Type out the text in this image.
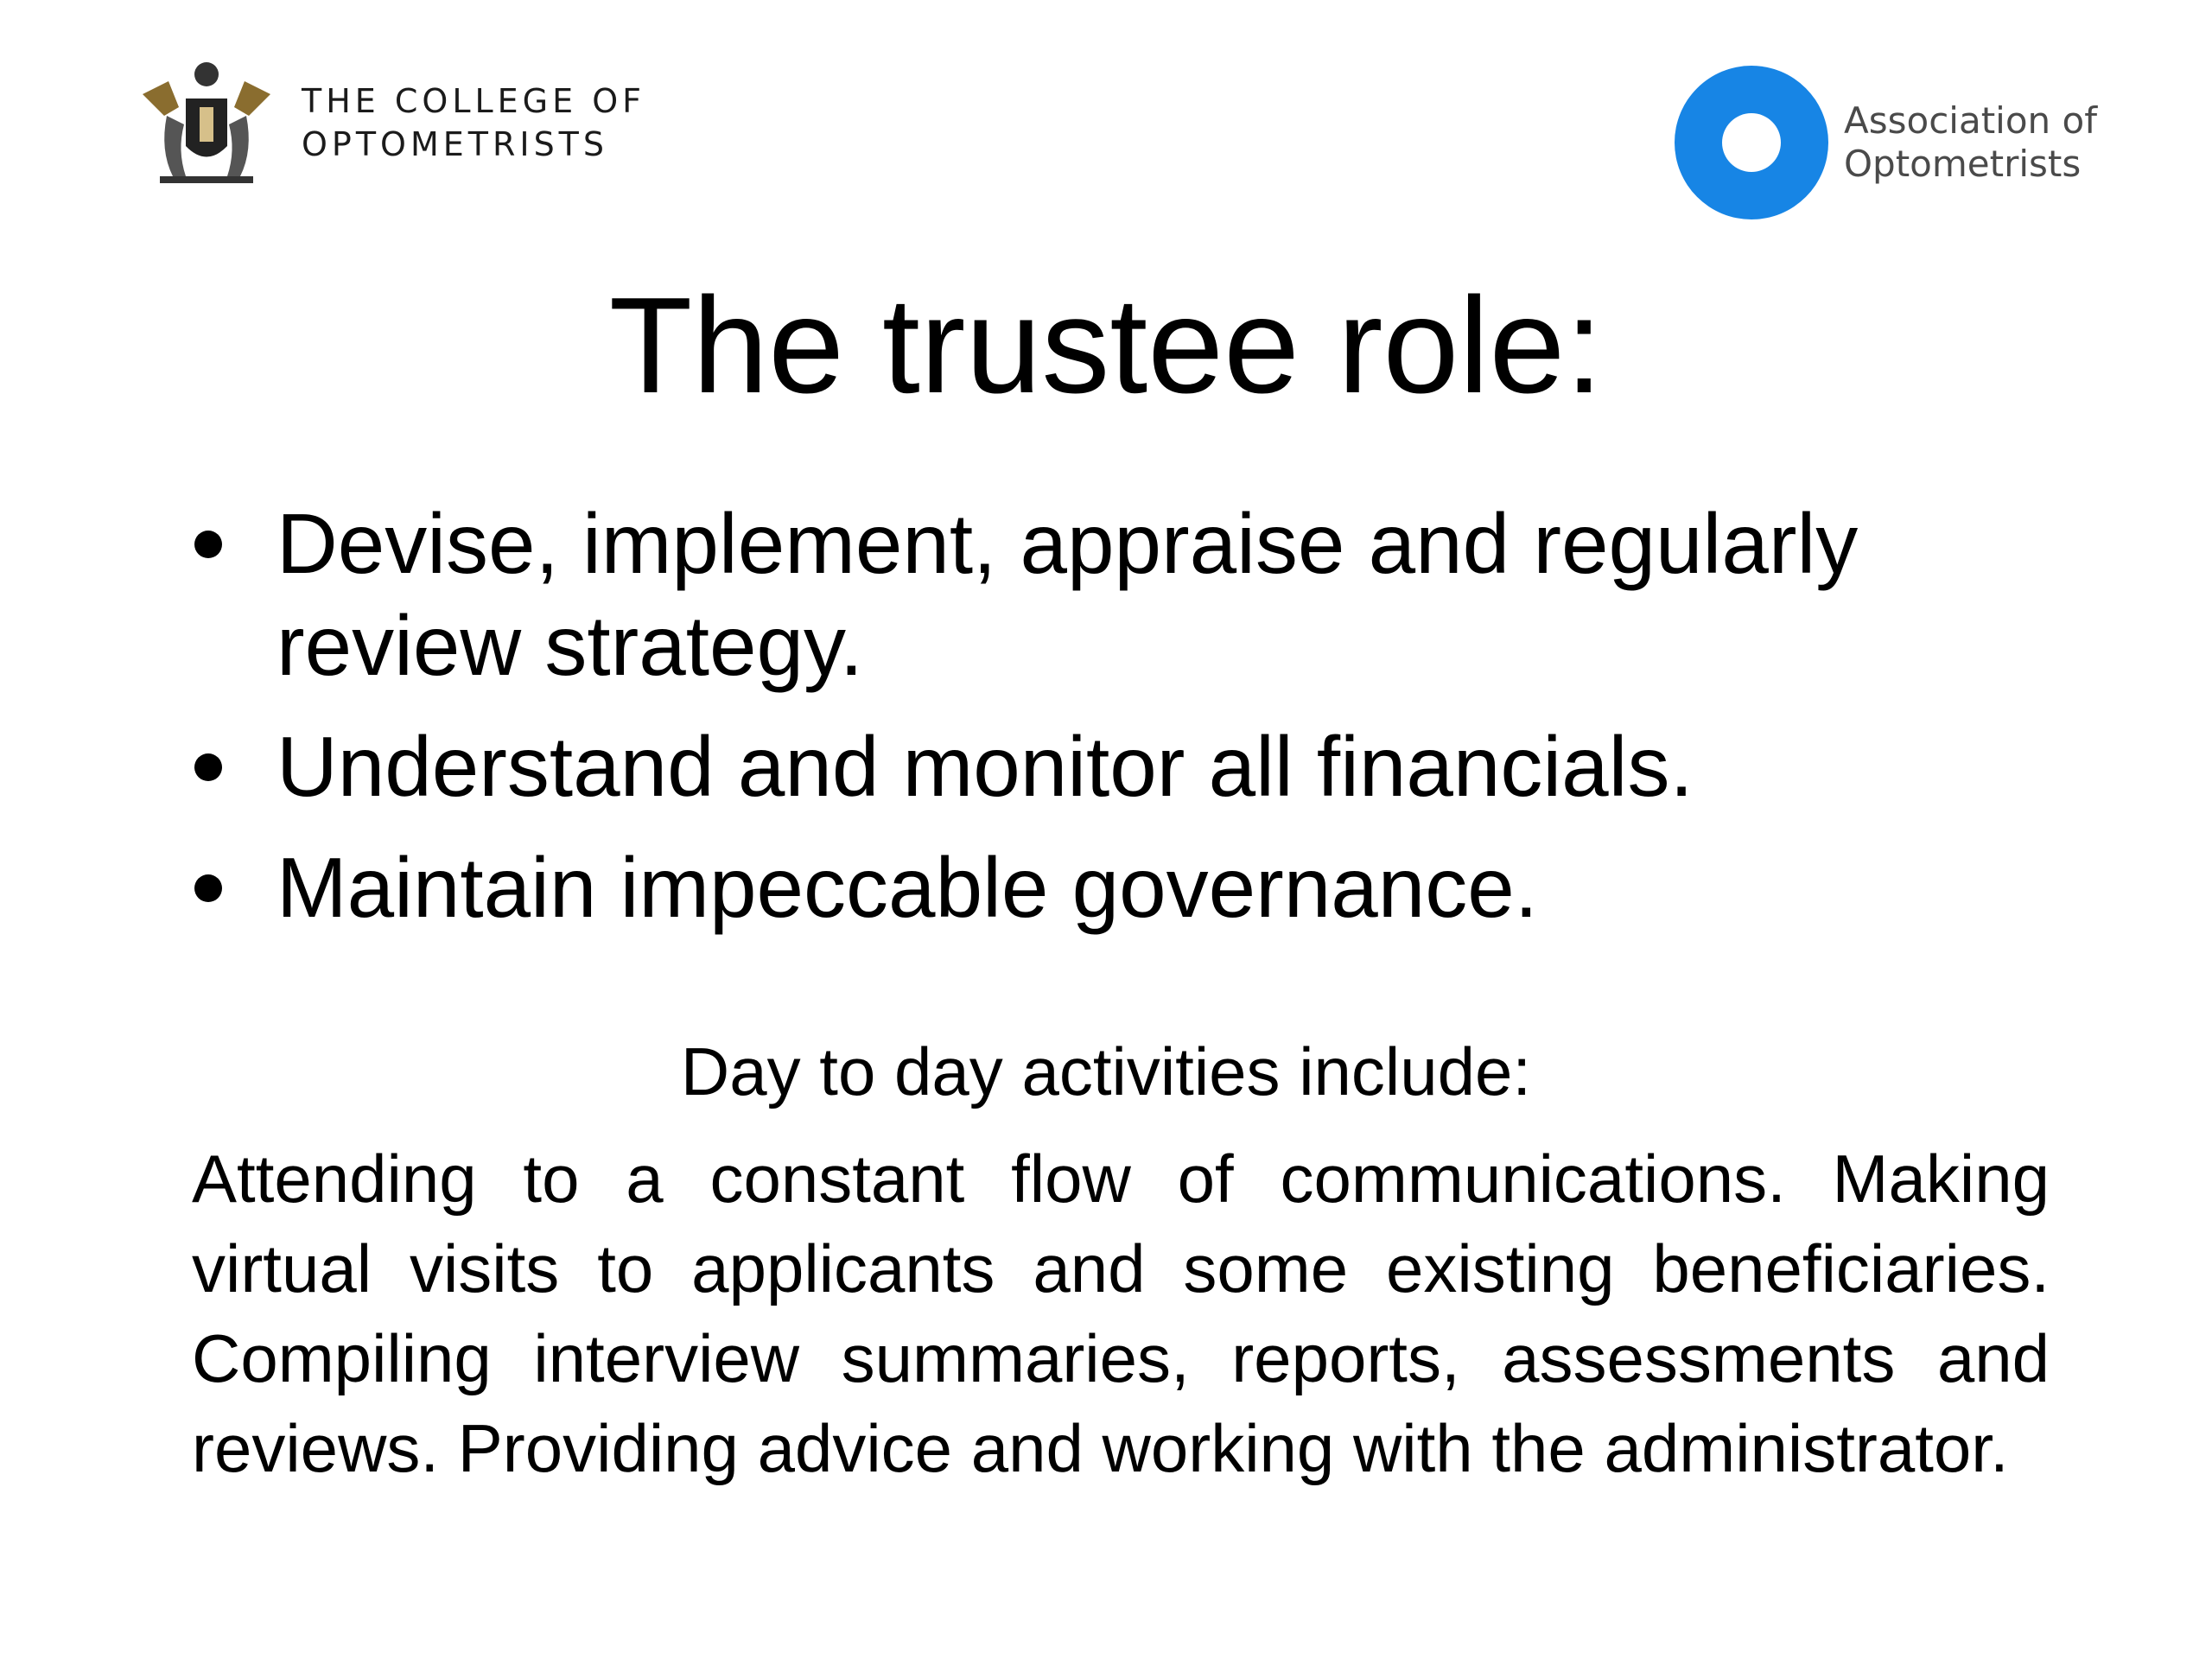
THE COLLEGE OF
OPTOMETRISTS
Association of
Optometrists
The trustee role:
Devise, implement, appraise and regularly review strategy.
Understand and monitor all financials.
Maintain impeccable governance.
Day to day activities include:
Attending to a constant flow of communications. Making virtual visits to applicants and some existing beneficiaries. Compiling interview summaries, reports, assessments and reviews. Providing advice and working with the administrator.
